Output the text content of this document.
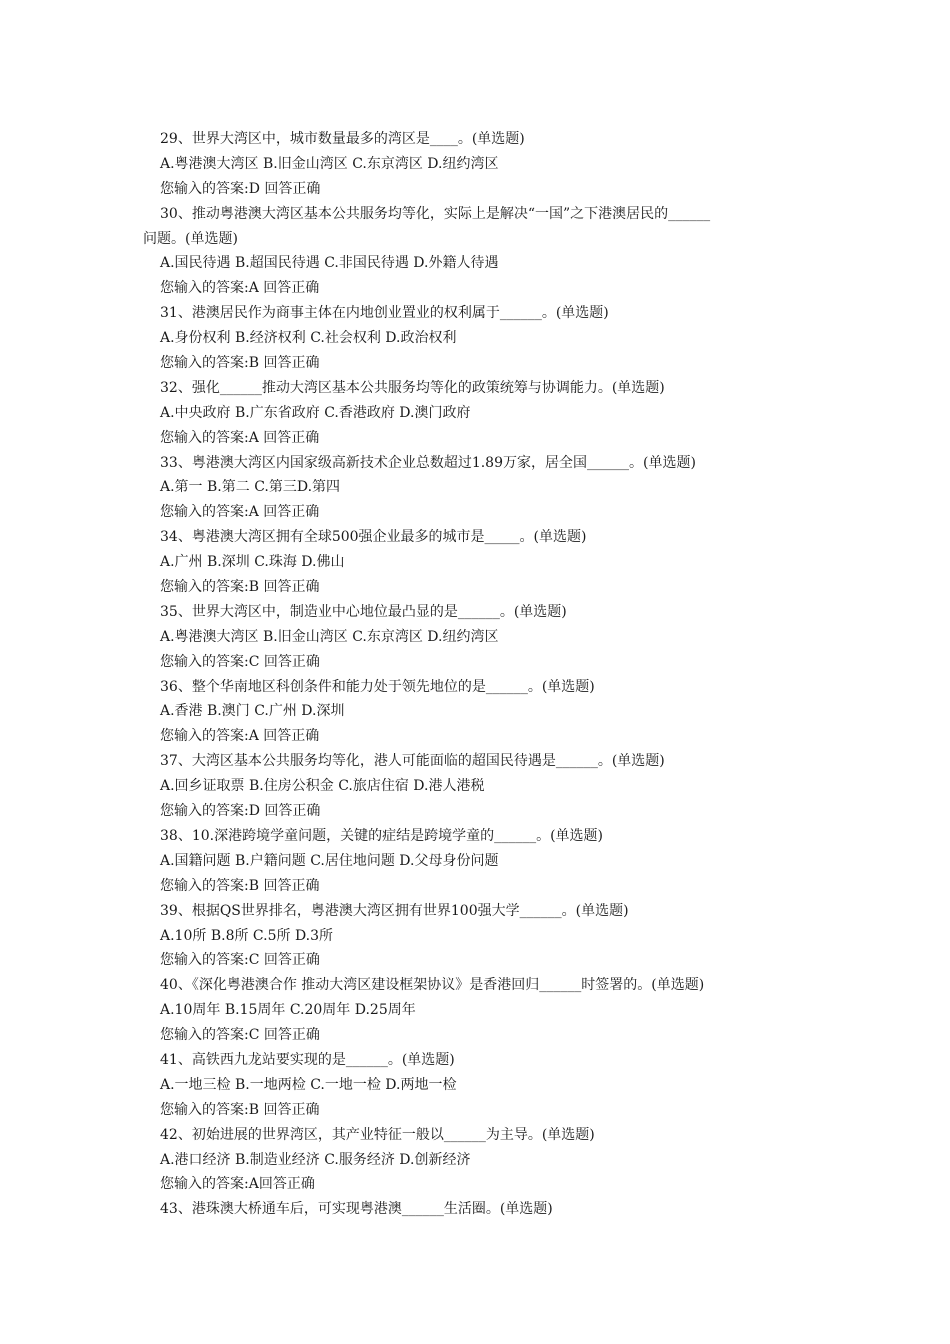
29、世界大湾区中，城市数量最多的湾区是____。(单选题)
A.粤港澳大湾区 B.旧金山湾区 C.东京湾区 D.纽约湾区
您输入的答案:D 回答正确
30、推动粤港澳大湾区基本公共服务均等化，实际上是解决“一国”之下港澳居民的______
问题。(单选题)
A.国民待遇 B.超国民待遇 C.非国民待遇 D.外籍人待遇
您输入的答案:A 回答正确
31、港澳居民作为商事主体在内地创业置业的权利属于______。(单选题)
A.身份权利 B.经济权利 C.社会权利 D.政治权利
您输入的答案:B 回答正确
32、强化______推动大湾区基本公共服务均等化的政策统筹与协调能力。(单选题)
A.中央政府 B.广东省政府 C.香港政府 D.澳门政府
您输入的答案:A 回答正确
33、粤港澳大湾区内国家级高新技术企业总数超过1.89万家，居全国______。(单选题)
A.第一 B.第二 C.第三D.第四
您输入的答案:A 回答正确
34、粤港澳大湾区拥有全球500强企业最多的城市是_____。(单选题)
A.广州 B.深圳 C.珠海 D.佛山
您输入的答案:B 回答正确
35、世界大湾区中，制造业中心地位最凸显的是______。(单选题)
A.粤港澳大湾区 B.旧金山湾区 C.东京湾区 D.纽约湾区
您输入的答案:C 回答正确
36、整个华南地区科创条件和能力处于领先地位的是______。(单选题)
A.香港 B.澳门 C.广州 D.深圳
您输入的答案:A 回答正确
37、大湾区基本公共服务均等化，港人可能面临的超国民待遇是______。(单选题)
A.回乡证取票 B.住房公积金 C.旅店住宿 D.港人港税
您输入的答案:D 回答正确
38、10.深港跨境学童问题，关键的症结是跨境学童的______。(单选题)
A.国籍问题 B.户籍问题 C.居住地问题 D.父母身份问题
您输入的答案:B 回答正确
39、根据QS世界排名，粤港澳大湾区拥有世界100强大学______。(单选题)
A.10所 B.8所 C.5所 D.3所
您输入的答案:C 回答正确
40、《深化粤港澳合作 推动大湾区建设框架协议》是香港回归______时签署的。(单选题)
A.10周年 B.15周年 C.20周年 D.25周年
您输入的答案:C 回答正确
41、高铁西九龙站要实现的是______。(单选题)
A.一地三检 B.一地两检 C.一地一检 D.两地一检
您输入的答案:B 回答正确
42、初始进展的世界湾区，其产业特征一般以______为主导。(单选题)
A.港口经济 B.制造业经济 C.服务经济 D.创新经济
您输入的答案:A回答正确
43、港珠澳大桥通车后，可实现粤港澳______生活圈。(单选题)
